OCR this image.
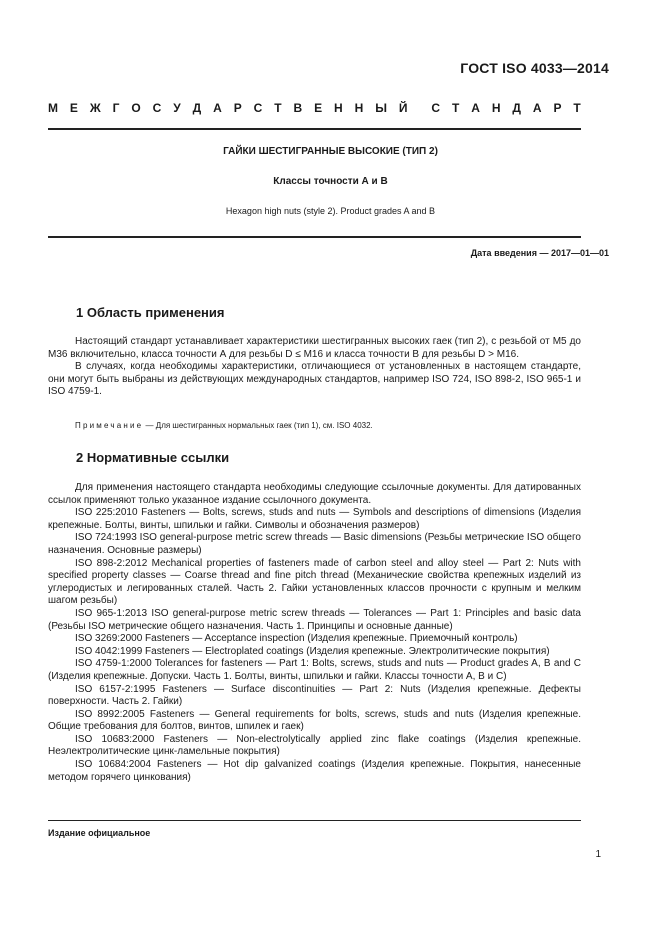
ГОСТ ISO 4033—2014
М Е Ж Г О С У Д А Р С Т В Е Н Н Ы Й С Т А Н Д А Р Т
ГАЙКИ ШЕСТИГРАННЫЕ ВЫСОКИЕ (ТИП 2)
Классы точности А и В
Hexagon high nuts (style 2). Product grades A and B
Дата введения — 2017—01—01
1 Область применения

Настоящий стандарт устанавливает характеристики шестигранных высоких гаек (тип 2), с резьбой от М5 до М36 включительно, класса точности А для резьбы D ≤ M16 и класса точности В для резьбы D > M16.

В случаях, когда необходимы характеристики, отличающиеся от установленных в настоящем стандарте, они могут быть выбраны из действующих международных стандартов, например ISO 724, ISO 898-2, ISO 965-1 и ISO 4759-1.

Примечание — Для шестигранных нормальных гаек (тип 1), см. ISO 4032.
2 Нормативные ссылки

Для применения настоящего стандарта необходимы следующие ссылочные документы. Для датированных ссылок применяют только указанное издание ссылочного документа.

ISO 225:2010 Fasteners — Bolts, screws, studs and nuts — Symbols and descriptions of dimensions (Изделия крепежные. Болты, винты, шпильки и гайки. Символы и обозначения размеров)

ISO 724:1993 ISO general-purpose metric screw threads — Basic dimensions (Резьбы метрические ISO общего назначения. Основные размеры)

ISO 898-2:2012 Mechanical properties of fasteners made of carbon steel and alloy steel — Part 2: Nuts with specified property classes — Coarse thread and fine pitch thread (Механические свойства крепежных изделий из углеродистых и легированных сталей. Часть 2. Гайки установленных классов прочности с крупным и мелким шагом резьбы)

ISO 965-1:2013 ISO general-purpose metric screw threads — Tolerances — Part 1: Principles and basic data (Резьбы ISO метрические общего назначения. Часть 1. Принципы и основные данные)

ISO 3269:2000 Fasteners — Acceptance inspection (Изделия крепежные. Приемочный контроль)

ISO 4042:1999 Fasteners — Electroplated coatings (Изделия крепежные. Электролитические покрытия)

ISO 4759-1:2000 Tolerances for fasteners — Part 1: Bolts, screws, studs and nuts — Product grades A, B and C (Изделия крепежные. Допуски. Часть 1. Болты, винты, шпильки и гайки. Классы точности А, В и С)

ISO 6157-2:1995 Fasteners — Surface discontinuities — Part 2: Nuts (Изделия крепежные. Дефекты поверхности. Часть 2. Гайки)

ISO 8992:2005 Fasteners — General requirements for bolts, screws, studs and nuts (Изделия крепежные. Общие требования для болтов, винтов, шпилек и гаек)

ISO 10683:2000 Fasteners — Non-electrolytically applied zinc flake coatings (Изделия крепежные. Неэлектролитические цинк-ламельные покрытия)

ISO 10684:2004 Fasteners — Hot dip galvanized coatings (Изделия крепежные. Покрытия, нанесенные методом горячего цинкования)

Издание официальное
1
